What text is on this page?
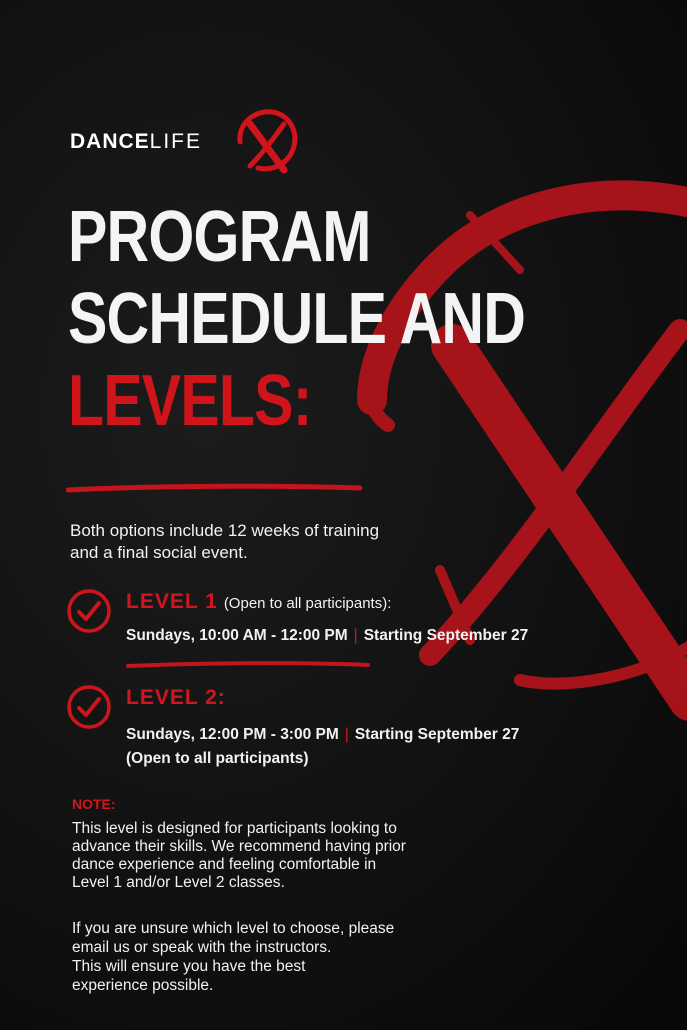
DANCELIFE
PROGRAM
SCHEDULE AND
LEVELS:
Both options include 12 weeks of training
and a final social event.
LEVEL 1 (Open to all participants):
Sundays, 10:00 AM - 12:00 PM | Starting September 27
LEVEL 2:
Sundays, 12:00 PM - 3:00 PM | Starting September 27
(Open to all participants)
NOTE:

This level is designed for participants looking to

advance their skills. We recommend having prior

dance experience and feeling comfortable in

Level 1 and/or Level 2 classes.

If you are unsure which level to choose, please

email us or speak with the instructors.

This will ensure you have the best

experience possible.
